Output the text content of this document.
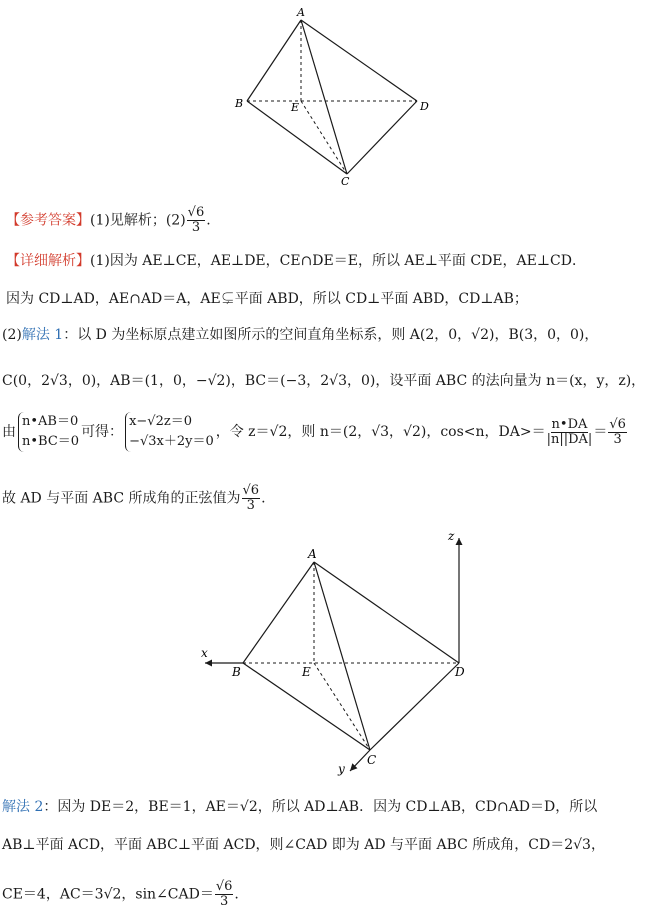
A
B	E	D
C
【参考答案】(1)见解析；$(2) \frac{√6}{3}$ .
【详细解析】(1)因为 AE⊥CE，AE⊥DE，CE∩DE＝E，所以 AE⊥平面 CDE，AE⊥CD．
因为 CD⊥AD，AE∩AD＝A，AE⊊平面 ABD，所以 CD⊥平面 ABD，CD⊥AB；
(2)解法 1：以 D 为坐标原点建立如图所示的空间直角坐标系，则 A(2，0，√2)，B(3，0，0)，
C(0，2√3，0)，AB＝(1，0，−√2)，BC＝(−3，2√3，0)，设平面 ABC 的法向量为 n＝(x，y，z)，
由
n•AB＝0
n•BC＝0
可得：
x−√2z＝0
−√3x＋2y＝0
，令 z＝√2，则 n＝(2，√3，√2)，cos<n，$DA>= \frac{n•DA}{|n||DA|} = \frac{√6}{3}$
故 AD 与平面 ABC 所成角的正弦值为 $\frac{√6}{3}$ .
A
B	E	D
C
x
y
z
解法 2：因为 DE＝2，BE＝1，AE＝√2，所以 AD⊥AB．因为 CD⊥AB，CD∩AD＝D，所以
AB⊥平面 ACD，平面 ABC⊥平面 ACD，则∠CAD 即为 AD 与平面 ABC 所成角，CD＝2√3，
CE＝4，AC＝3√2，sin∠CAD＝ $\frac{√6}{3}$ .
